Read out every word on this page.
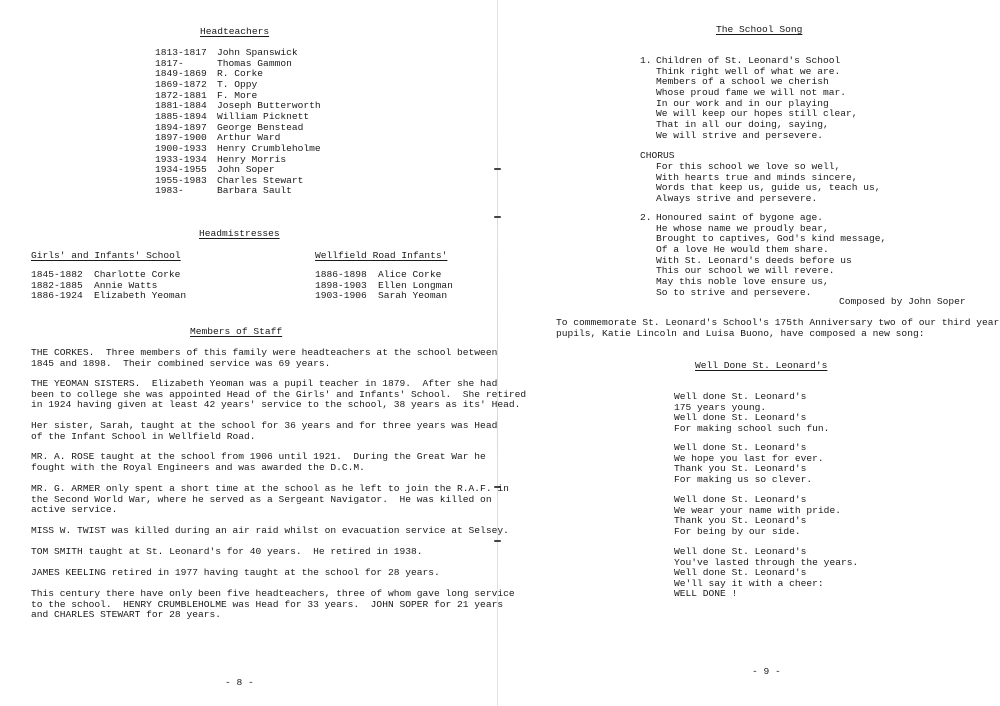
Headteachers
1813-1817 John Spanswick
1817-	Thomas Gammon
1849-1869 R. Corke
1869-1872 T. Oppy
1872-1881 F. More
1881-1884 Joseph Butterworth
1885-1894 William Picknett
1894-1897 George Benstead
1897-1900 Arthur Ward
1900-1933 Henry Crumbleholme
1933-1934 Henry Morris
1934-1955 John Soper
1955-1983 Charles Stewart
1983-	Barbara Sault
Headmistresses
Girls' and Infants' School	Wellfield Road Infants'
1845-1882 Charlotte Corke
1882-1885 Annie Watts
1886-1924 Elizabeth Yeoman
1886-1898 Alice Corke
1898-1903 Ellen Longman
1903-1906 Sarah Yeoman
Members of Staff
THE CORKES.  Three members of this family were headteachers at the school between
1845 and 1898.  Their combined service was 69 years.
THE YEOMAN SISTERS.  Elizabeth Yeoman was a pupil teacher in 1879.  After she had
been to college she was appointed Head of the Girls' and Infants' School.  She retired
in 1924 having given at least 42 years' service to the school, 38 years as its' Head.
Her sister, Sarah, taught at the school for 36 years and for three years was Head
of the Infant School in Wellfield Road.
MR. A. ROSE taught at the school from 1906 until 1921.  During the Great War he
fought with the Royal Engineers and was awarded the D.C.M.
MR. G. ARMER only spent a short time at the school as he left to join the R.A.F. in
the Second World War, where he served as a Sergeant Navigator.  He was killed on
active service.
MISS W. TWIST was killed during an air raid whilst on evacuation service at Selsey.
TOM SMITH taught at St. Leonard's for 40 years.  He retired in 1938.
JAMES KEELING retired in 1977 having taught at the school for 28 years.
This century there have only been five headteachers, three of whom gave long service
to the school.  HENRY CRUMBLEHOLME was Head for 33 years.  JOHN SOPER for 21 years
and CHARLES STEWART for 28 years.
- 8 -
The School Song
1. Children of St. Leonard's School
Think right well of what we are.
Members of a school we cherish
Whose proud fame we will not mar.
In our work and in our playing
We will keep our hopes still clear,
That in all our doing, saying,
We will strive and persevere.
CHORUS
For this school we love so well,
With hearts true and minds sincere,
Words that keep us, guide us, teach us,
Always strive and persevere.
2. Honoured saint of bygone age.
He whose name we proudly bear,
Brought to captives, God's kind message,
Of a love He would them share.
With St. Leonard's deeds before us
This our school we will revere.
May this noble love ensure us,
So to strive and persevere.
Composed by John Soper
To commemorate St. Leonard's School's 175th Anniversary two of our third year
pupils, Katie Lincoln and Luisa Buono, have composed a new song:
Well Done St. Leonard's
Well done St. Leonard's
175 years young.
Well done St. Leonard's
For making school such fun.
Well done St. Leonard's
We hope you last for ever.
Thank you St. Leonard's
For making us so clever.
Well done St. Leonard's
We wear your name with pride.
Thank you St. Leonard's
For being by our side.
Well done St. Leonard's
You've lasted through the years.
Well done St. Leonard's
We'll say it with a cheer:
WELL DONE !
- 9 -
